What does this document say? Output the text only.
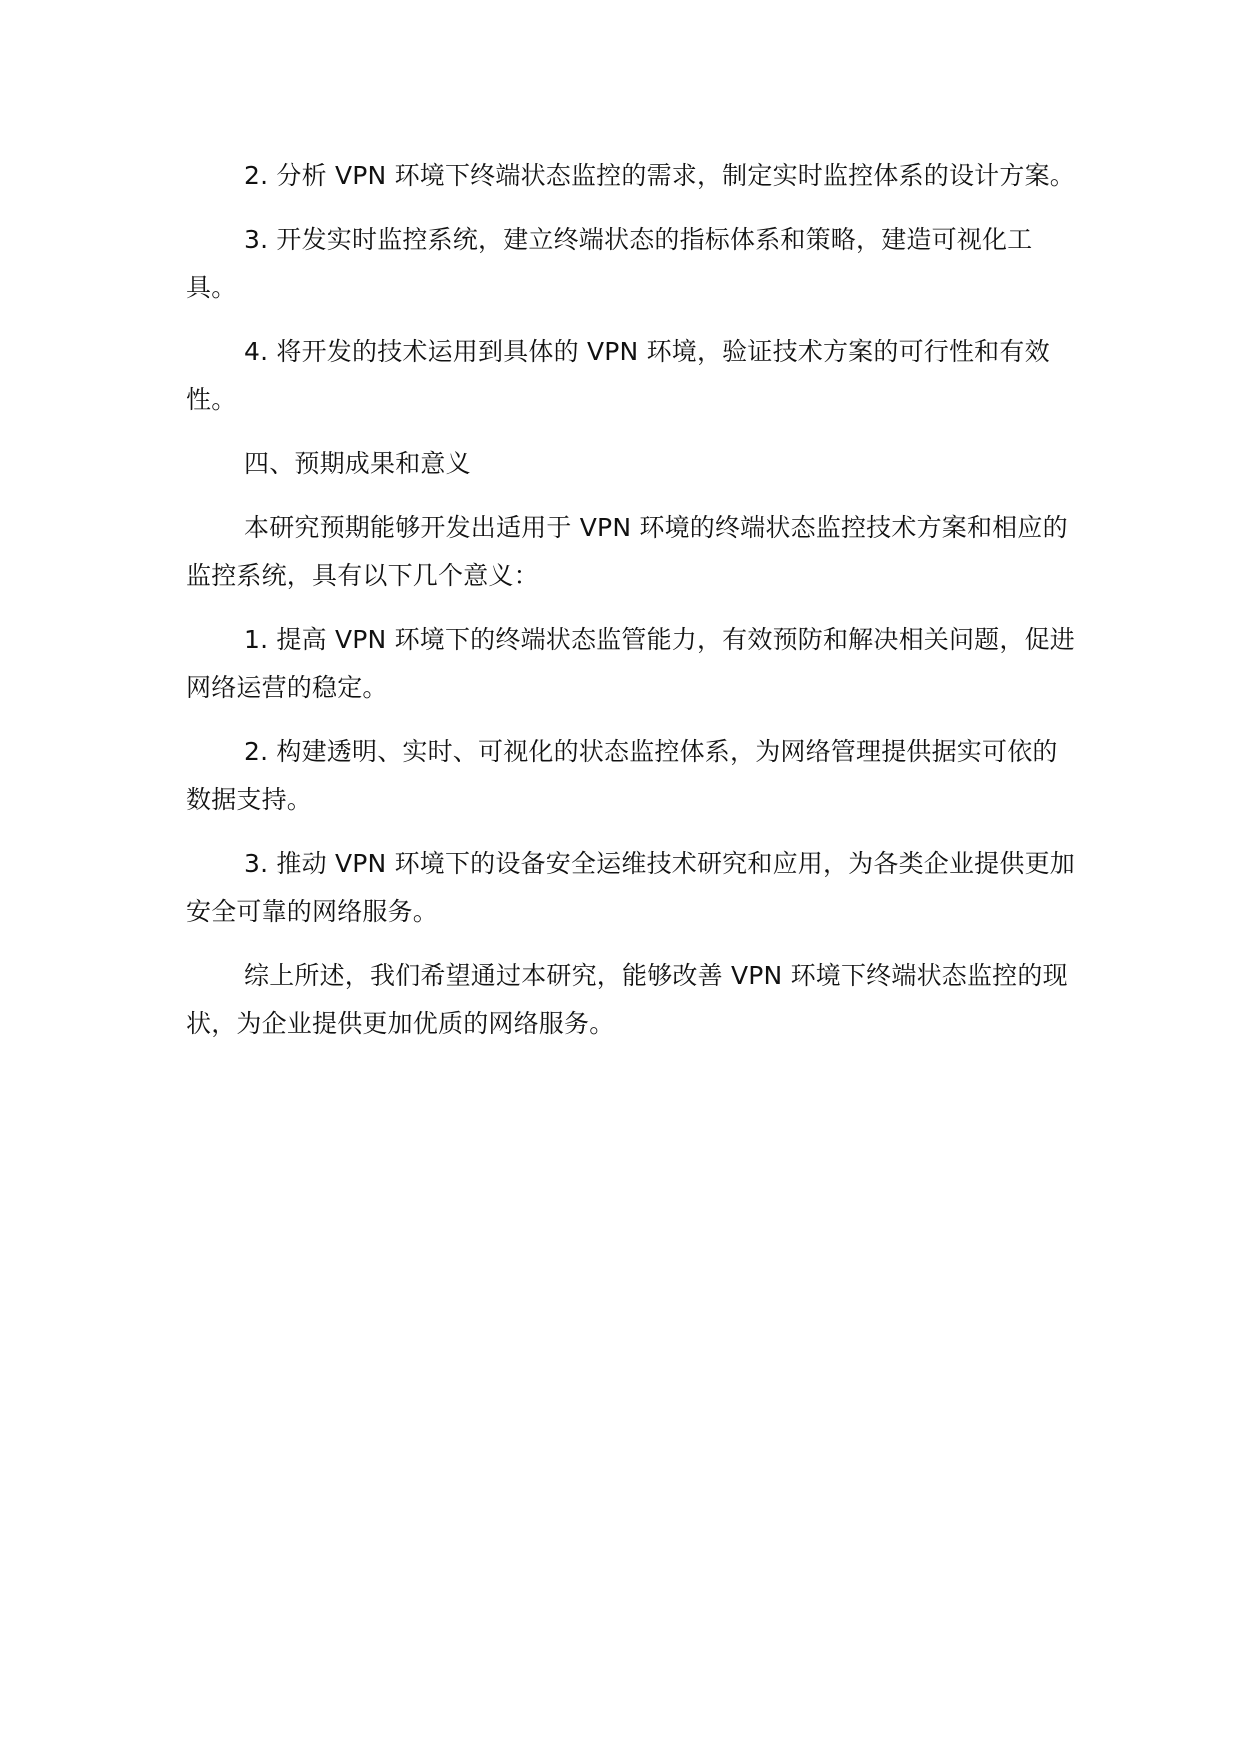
2. 分析 VPN 环境下终端状态监控的需求，制定实时监控体系的设计方案。

3. 开发实时监控系统，建立终端状态的指标体系和策略，建造可视化工具。

4. 将开发的技术运用到具体的 VPN 环境，验证技术方案的可行性和有效性。

四、预期成果和意义

本研究预期能够开发出适用于 VPN 环境的终端状态监控技术方案和相应的监控系统，具有以下几个意义：

1. 提高 VPN 环境下的终端状态监管能力，有效预防和解决相关问题，促进网络运营的稳定。

2. 构建透明、实时、可视化的状态监控体系，为网络管理提供据实可依的数据支持。

3. 推动 VPN 环境下的设备安全运维技术研究和应用，为各类企业提供更加安全可靠的网络服务。

综上所述，我们希望通过本研究，能够改善 VPN 环境下终端状态监控的现状，为企业提供更加优质的网络服务。
